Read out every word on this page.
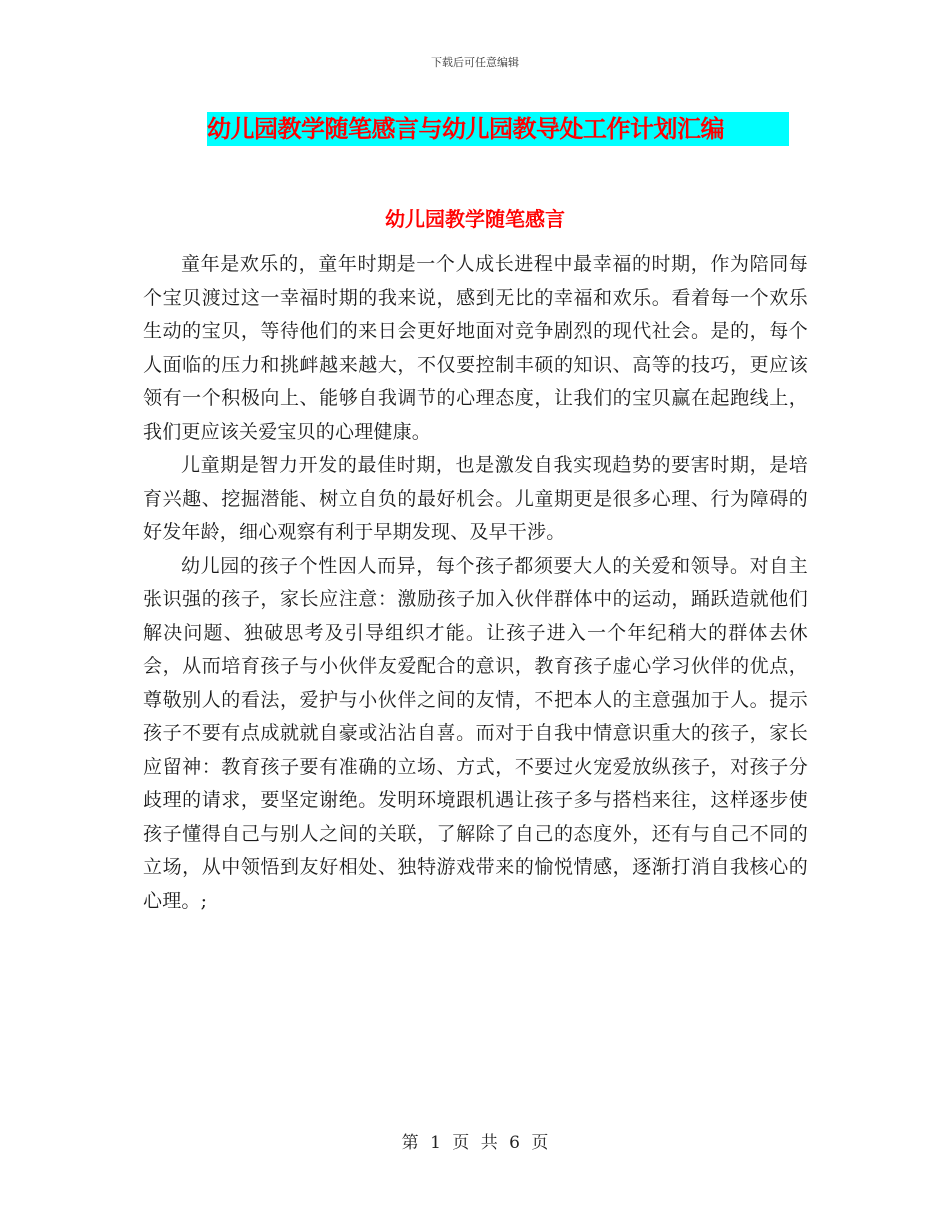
下载后可任意编辑
幼儿园教学随笔感言与幼儿园教导处工作计划汇编
幼儿园教学随笔感言

童年是欢乐的，童年时期是一个人成长进程中最幸福的时期，作为陪同每个宝贝渡过这一幸福时期的我来说，感到无比的幸福和欢乐。看着每一个欢乐生动的宝贝，等待他们的来日会更好地面对竞争剧烈的现代社会。是的，每个人面临的压力和挑衅越来越大，不仅要控制丰硕的知识、高等的技巧，更应该领有一个积极向上、能够自我调节的心理态度，让我们的宝贝赢在起跑线上，我们更应该关爱宝贝的心理健康。

儿童期是智力开发的最佳时期，也是激发自我实现趋势的要害时期，是培育兴趣、挖掘潜能、树立自负的最好机会。儿童期更是很多心理、行为障碍的好发年龄，细心观察有利于早期发现、及早干涉。

幼儿园的孩子个性因人而异，每个孩子都须要大人的关爱和领导。对自主张识强的孩子，家长应注意：激励孩子加入伙伴群体中的运动，踊跃造就他们解决问题、独破思考及引导组织才能。让孩子进入一个年纪稍大的群体去休会，从而培育孩子与小伙伴友爱配合的意识，教育孩子虚心学习伙伴的优点，尊敬别人的看法，爱护与小伙伴之间的友情，不把本人的主意强加于人。提示孩子不要有点成就就自豪或沾沾自喜。而对于自我中情意识重大的孩子，家长应留神：教育孩子要有准确的立场、方式，不要过火宠爱放纵孩子，对孩子分歧理的请求，要坚定谢绝。发明环境跟机遇让孩子多与搭档来往，这样逐步使孩子懂得自己与别人之间的关联，了解除了自己的态度外，还有与自己不同的立场，从中领悟到友好相处、独特游戏带来的愉悦情感，逐渐打消自我核心的心理。;

第 1 页 共 6 页
